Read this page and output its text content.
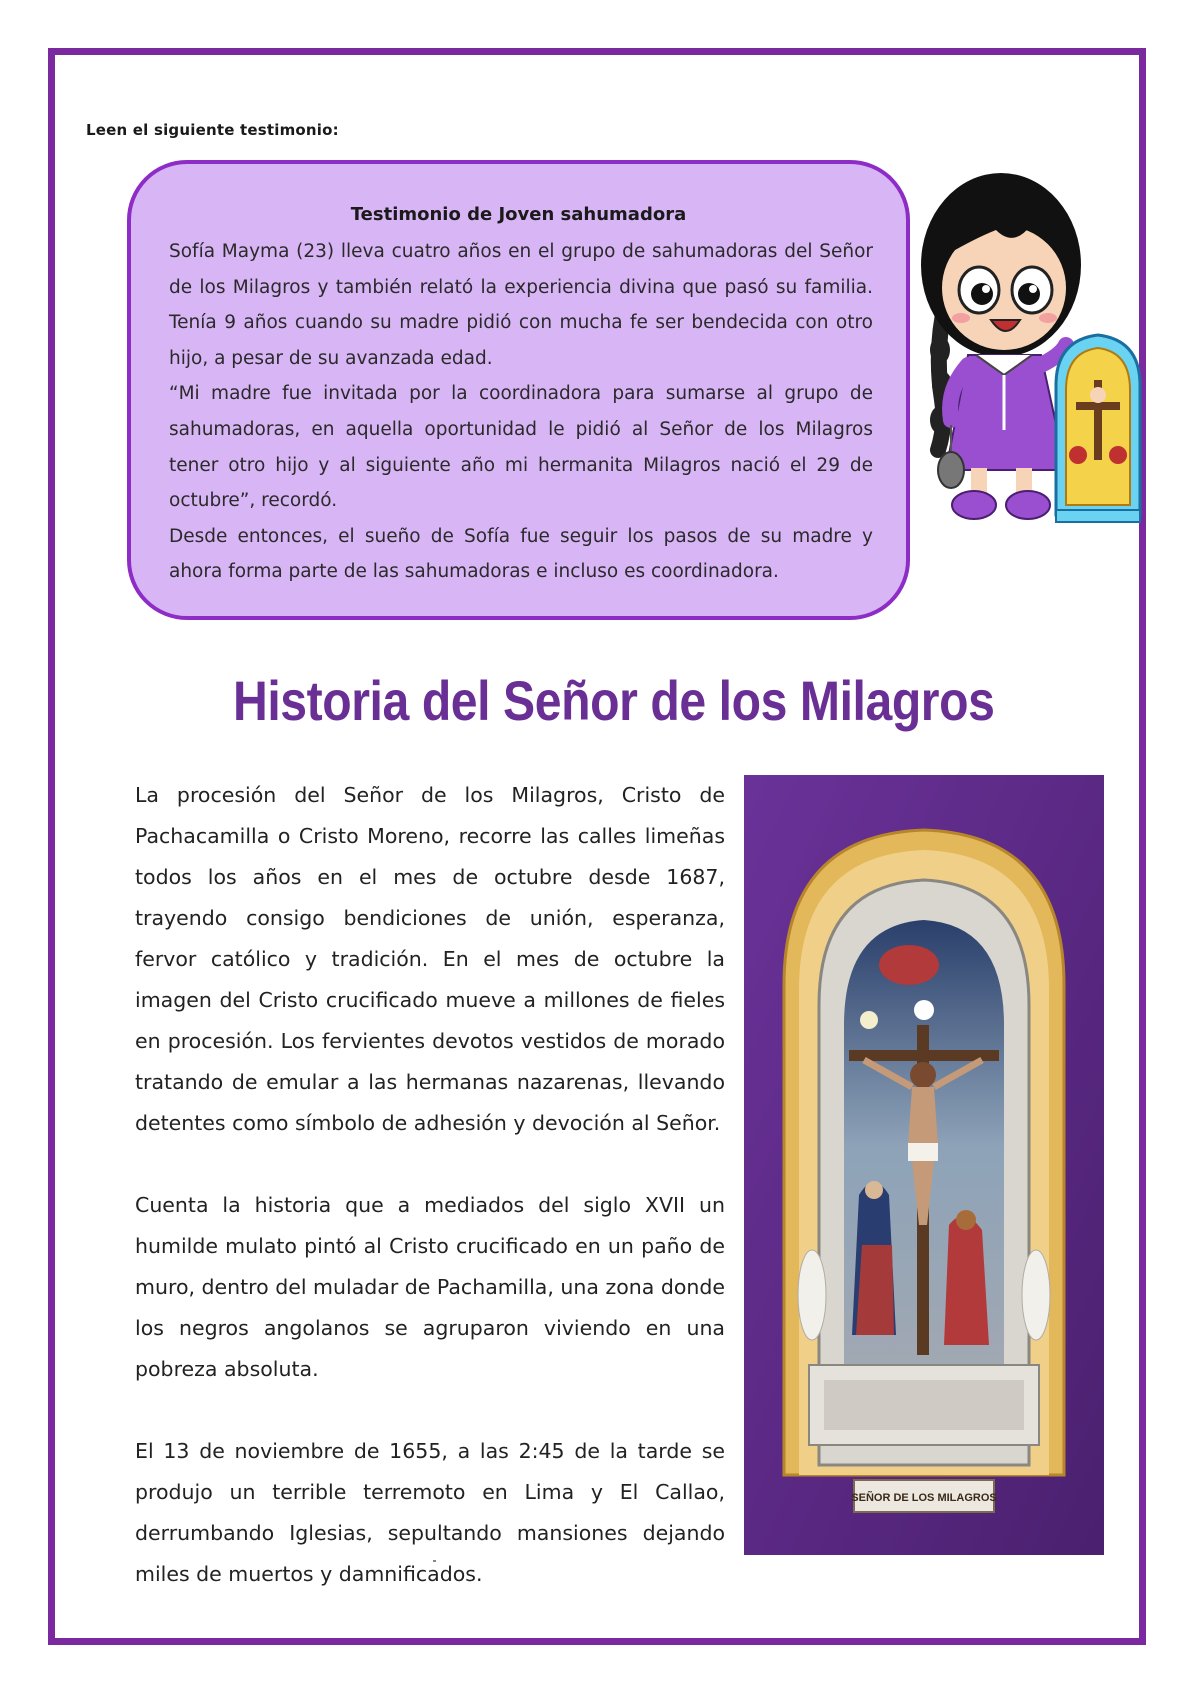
Leen el siguiente testimonio:
Testimonio de Joven sahumadora

Sofía Mayma (23) lleva cuatro años en el grupo de sahumadoras del Señor de los Milagros y también relató la experiencia divina que pasó su familia. Tenía 9 años cuando su madre pidió con mucha fe ser bendecida con otro hijo, a pesar de su avanzada edad.

“Mi madre fue invitada por la coordinadora para sumarse al grupo de sahumadoras, en aquella oportunidad le pidió al Señor de los Milagros tener otro hijo y al siguiente año mi hermanita Milagros nació el 29 de octubre”, recordó.

Desde entonces, el sueño de Sofía fue seguir los pasos de su madre y ahora forma parte de las sahumadoras e incluso es coordinadora.

Historia del Señor de los Milagros

La procesión del Señor de los Milagros, Cristo de Pachacamilla o Cristo Moreno, recorre las calles limeñas todos los años en el mes de octubre desde 1687, trayendo consigo bendiciones de unión, esperanza, fervor católico y tradición. En el mes de octubre la imagen del Cristo crucificado mueve a millones de fieles en procesión. Los fervientes devotos vestidos de morado tratando de emular a las hermanas nazarenas, llevando detentes como símbolo de adhesión y devoción al Señor.

Cuenta la historia que a mediados del siglo XVII un humilde mulato pintó al Cristo crucificado en un paño de muro, dentro del muladar de Pachamilla, una zona donde los negros angolanos se agruparon viviendo en una pobreza absoluta.

El 13 de noviembre de 1655, a las 2:45 de la tarde se produjo un terrible terremoto en Lima y El Callao, derrumbando Iglesias, sepultando mansiones dejando miles de muertos y damnificados.

SEÑOR DE LOS MILAGROS
